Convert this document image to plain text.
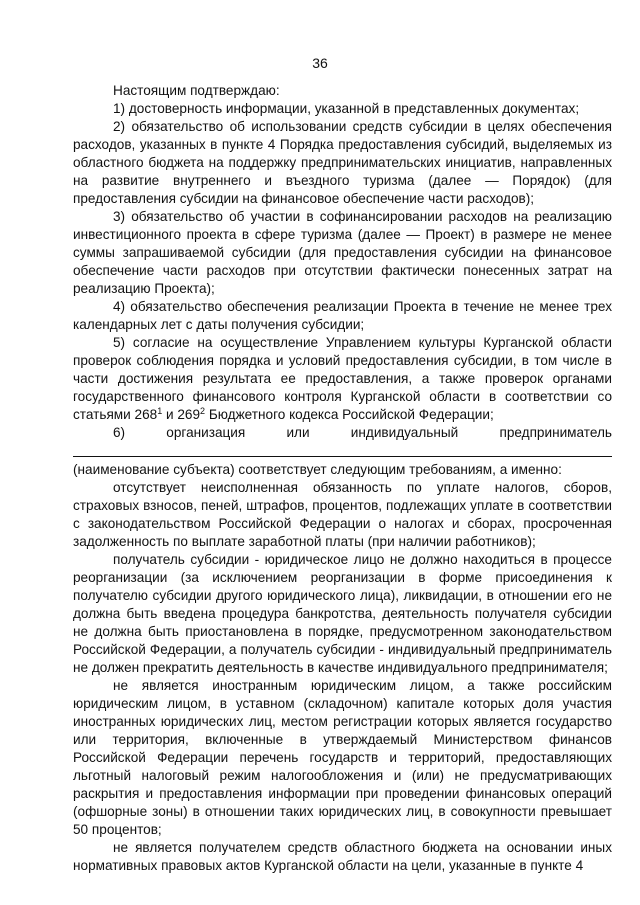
36

Настоящим подтверждаю:

1) достоверность информации, указанной в представленных документах;

2) обязательство об использовании средств субсидии в целях обеспечения расходов, указанных в пункте 4 Порядка предоставления субсидий, выделяемых из областного бюджета на поддержку предпринимательских инициатив, направленных на развитие внутреннего и въездного туризма (далее — Порядок) (для предоставления субсидии на финансовое обеспечение части расходов);

3) обязательство об участии в софинансировании расходов на реализацию инвестиционного проекта в сфере туризма (далее — Проект) в размере не менее суммы запрашиваемой субсидии (для предоставления субсидии на финансовое обеспечение части расходов при отсутствии фактически понесенных затрат на реализацию Проекта);

4) обязательство обеспечения реализации Проекта в течение не менее трех календарных лет с даты получения субсидии;

5) согласие на осуществление Управлением культуры Курганской области проверок соблюдения порядка и условий предоставления субсидии, в том числе в части достижения результата ее предоставления, а также проверок органами государственного финансового контроля Курганской области в соответствии со статьями $268^1$ и $269^2$ Бюджетного кодекса Российской Федерации;

6) организация или индивидуальный предприниматель

(наименование субъекта) соответствует следующим требованиям, а именно:

отсутствует неисполненная обязанность по уплате налогов, сборов, страховых взносов, пеней, штрафов, процентов, подлежащих уплате в соответствии с законодательством Российской Федерации о налогах и сборах, просроченная задолженность по выплате заработной платы (при наличии работников);

получатель субсидии - юридическое лицо не должно находиться в процессе реорганизации (за исключением реорганизации в форме присоединения к получателю субсидии другого юридического лица), ликвидации, в отношении его не должна быть введена процедура банкротства, деятельность получателя субсидии не должна быть приостановлена в порядке, предусмотренном законодательством Российской Федерации, а получатель субсидии - индивидуальный предприниматель не должен прекратить деятельность в качестве индивидуального предпринимателя;

не является иностранным юридическим лицом, а также российским юридическим лицом, в уставном (складочном) капитале которых доля участия иностранных юридических лиц, местом регистрации которых является государство или территория, включенные в утверждаемый Министерством финансов Российской Федерации перечень государств и территорий, предоставляющих льготный налоговый режим налогообложения и (или) не предусматривающих раскрытия и предоставления информации при проведении финансовых операций (офшорные зоны) в отношении таких юридических лиц, в совокупности превышает 50 процентов;

не является получателем средств областного бюджета на основании иных нормативных правовых актов Курганской области на цели, указанные в пункте 4
